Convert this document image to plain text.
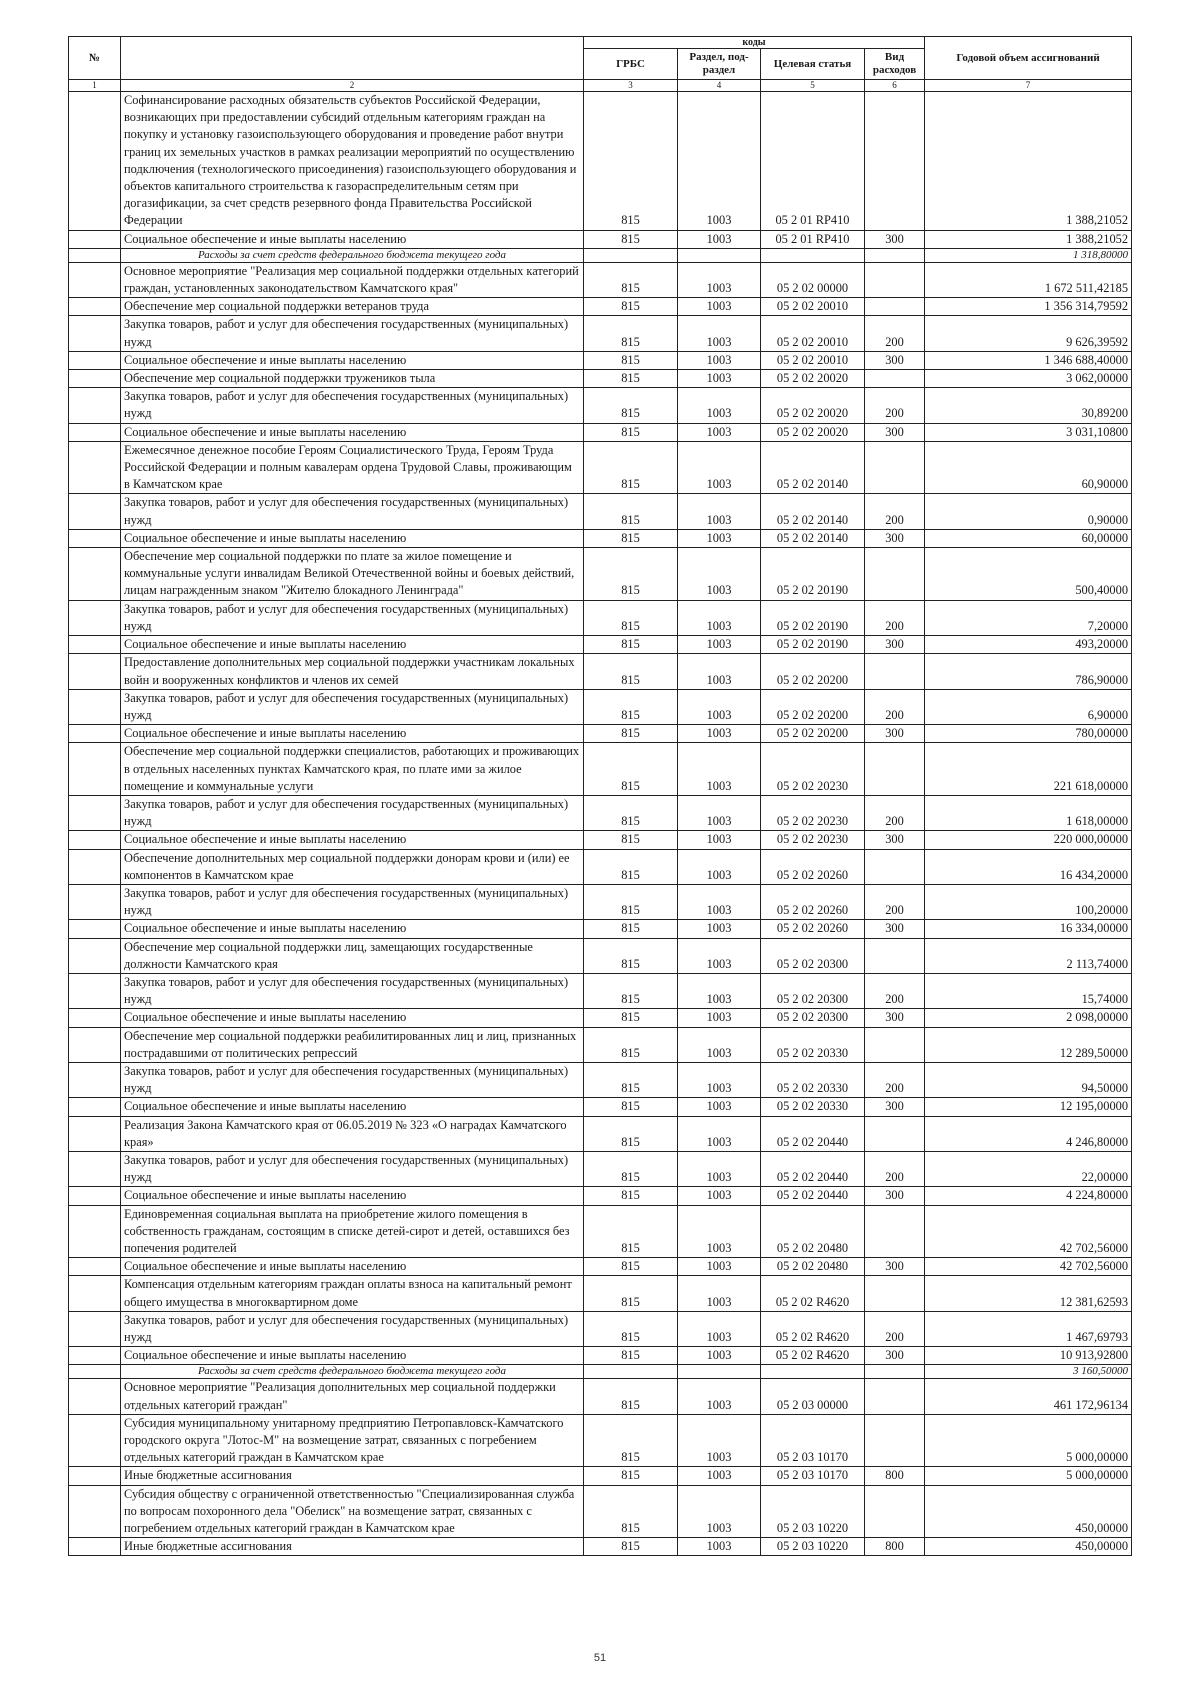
№		коды				Годовой объем ассигнований
		ГРБС	Раздел, под-раздел	Целевая статья	Вид расходов	
1	2	3	4	5	6	7
	Софинансирование расходных обязательств субъектов Российской Федерации, возникающих при предоставлении субсидий отдельным категориям граждан на покупку и установку газоиспользующего оборудования и проведение работ внутри границ их земельных участков в рамках реализации мероприятий по осуществлению подключения (технологического присоединения) газоиспользующего оборудования и объектов капитального строительства к газораспределительным сетям при догазификации, за счет средств резервного фонда Правительства Российской Федерации	815	1003	05 2 01 RP410		1 388,21052
	Социальное обеспечение и иные выплаты населению	815	1003	05 2 01 RP410	300	1 388,21052
	Расходы за счет средств федерального бюджета текущего года					1 318,80000
	Основное мероприятие "Реализация мер социальной поддержки отдельных категорий граждан, установленных законодательством Камчатского края"	815	1003	05 2 02 00000		1 672 511,42185
	Обеспечение мер социальной поддержки ветеранов труда	815	1003	05 2 02 20010		1 356 314,79592
	Закупка товаров, работ и услуг для обеспечения государственных (муниципальных) нужд	815	1003	05 2 02 20010	200	9 626,39592
	Социальное обеспечение и иные выплаты населению	815	1003	05 2 02 20010	300	1 346 688,40000
	Обеспечение мер социальной поддержки тружеников тыла	815	1003	05 2 02 20020		3 062,00000
	Закупка товаров, работ и услуг для обеспечения государственных (муниципальных) нужд	815	1003	05 2 02 20020	200	30,89200
	Социальное обеспечение и иные выплаты населению	815	1003	05 2 02 20020	300	3 031,10800
	Ежемесячное денежное пособие Героям Социалистического Труда, Героям Труда Российской Федерации и полным кавалерам ордена Трудовой Славы, проживающим в Камчатском крае	815	1003	05 2 02 20140		60,90000
	Закупка товаров, работ и услуг для обеспечения государственных (муниципальных) нужд	815	1003	05 2 02 20140	200	0,90000
	Социальное обеспечение и иные выплаты населению	815	1003	05 2 02 20140	300	60,00000
	Обеспечение мер социальной поддержки по плате за жилое помещение и коммунальные услуги инвалидам Великой Отечественной войны и боевых действий, лицам награжденным знаком "Жителю блокадного Ленинграда"	815	1003	05 2 02 20190		500,40000
	Закупка товаров, работ и услуг для обеспечения государственных (муниципальных) нужд	815	1003	05 2 02 20190	200	7,20000
	Социальное обеспечение и иные выплаты населению	815	1003	05 2 02 20190	300	493,20000
	Предоставление дополнительных мер социальной поддержки участникам локальных войн и вооруженных конфликтов и членов их семей	815	1003	05 2 02 20200		786,90000
	Закупка товаров, работ и услуг для обеспечения государственных (муниципальных) нужд	815	1003	05 2 02 20200	200	6,90000
	Социальное обеспечение и иные выплаты населению	815	1003	05 2 02 20200	300	780,00000
	Обеспечение мер социальной поддержки специалистов, работающих и проживающих в отдельных населенных пунктах Камчатского края, по плате ими за жилое помещение и коммунальные услуги	815	1003	05 2 02 20230		221 618,00000
	Закупка товаров, работ и услуг для обеспечения государственных (муниципальных) нужд	815	1003	05 2 02 20230	200	1 618,00000
	Социальное обеспечение и иные выплаты населению	815	1003	05 2 02 20230	300	220 000,00000
	Обеспечение дополнительных мер социальной поддержки донорам крови и (или) ее компонентов в Камчатском крае	815	1003	05 2 02 20260		16 434,20000
	Закупка товаров, работ и услуг для обеспечения государственных (муниципальных) нужд	815	1003	05 2 02 20260	200	100,20000
	Социальное обеспечение и иные выплаты населению	815	1003	05 2 02 20260	300	16 334,00000
	Обеспечение мер социальной поддержки лиц, замещающих государственные должности Камчатского края	815	1003	05 2 02 20300		2 113,74000
	Закупка товаров, работ и услуг для обеспечения государственных (муниципальных) нужд	815	1003	05 2 02 20300	200	15,74000
	Социальное обеспечение и иные выплаты населению	815	1003	05 2 02 20300	300	2 098,00000
	Обеспечение мер социальной поддержки реабилитированных лиц и лиц, признанных пострадавшими от политических репрессий	815	1003	05 2 02 20330		12 289,50000
	Закупка товаров, работ и услуг для обеспечения государственных (муниципальных) нужд	815	1003	05 2 02 20330	200	94,50000
	Социальное обеспечение и иные выплаты населению	815	1003	05 2 02 20330	300	12 195,00000
	Реализация Закона Камчатского края от 06.05.2019 № 323 «О наградах Камчатского края»	815	1003	05 2 02 20440		4 246,80000
	Закупка товаров, работ и услуг для обеспечения государственных (муниципальных) нужд	815	1003	05 2 02 20440	200	22,00000
	Социальное обеспечение и иные выплаты населению	815	1003	05 2 02 20440	300	4 224,80000
	Единовременная социальная выплата на приобретение жилого помещения в собственность гражданам, состоящим в списке детей-сирот и детей, оставшихся без попечения родителей	815	1003	05 2 02 20480		42 702,56000
	Социальное обеспечение и иные выплаты населению	815	1003	05 2 02 20480	300	42 702,56000
	Компенсация отдельным категориям граждан оплаты взноса на капитальный ремонт общего имущества в многоквартирном доме	815	1003	05 2 02 R4620		12 381,62593
	Закупка товаров, работ и услуг для обеспечения государственных (муниципальных) нужд	815	1003	05 2 02 R4620	200	1 467,69793
	Социальное обеспечение и иные выплаты населению	815	1003	05 2 02 R4620	300	10 913,92800
	Расходы за счет средств федерального бюджета текущего года					3 160,50000
	Основное мероприятие "Реализация дополнительных мер социальной поддержки отдельных категорий граждан"	815	1003	05 2 03 00000		461 172,96134
	Субсидия муниципальному унитарному предприятию Петропавловск-Камчатского городского округа "Лотос-М" на возмещение затрат, связанных с погребением отдельных категорий граждан в Камчатском крае	815	1003	05 2 03 10170		5 000,00000
	Иные бюджетные ассигнования	815	1003	05 2 03 10170	800	5 000,00000
	Субсидия обществу с ограниченной ответственностью "Специализированная служба по вопросам похоронного дела "Обелиск" на возмещение затрат, связанных с погребением отдельных категорий граждан в Камчатском крае	815	1003	05 2 03 10220		450,00000
	Иные бюджетные ассигнования	815	1003	05 2 03 10220	800	450,00000
51
